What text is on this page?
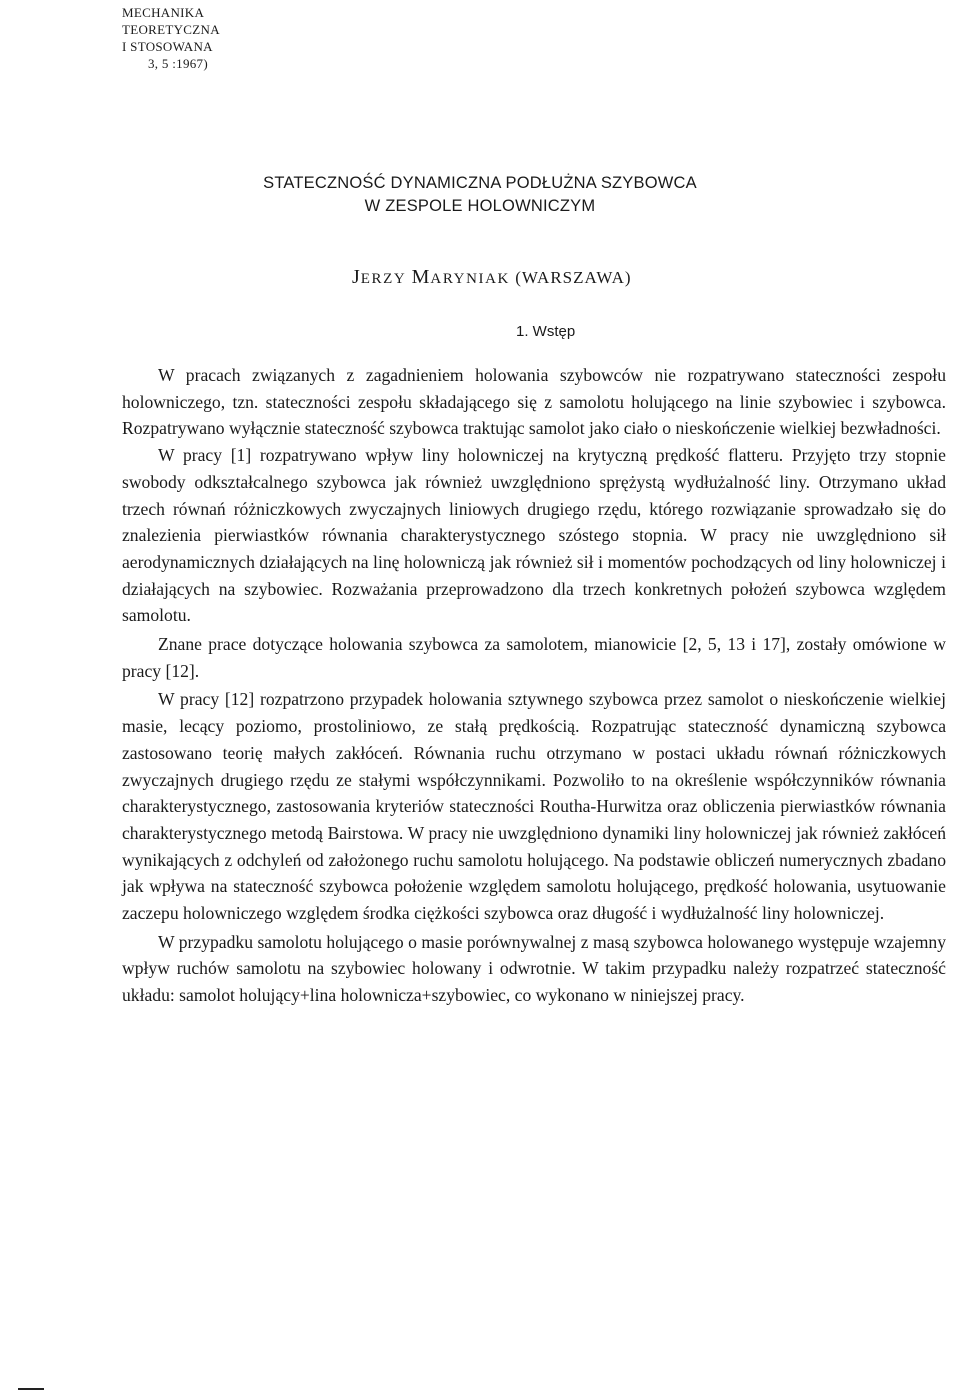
MECHANIKA
TEORETYCZNA
I STOSOWANA
3, 5 :1967)
STATECZNOŚĆ DYNAMICZNA PODŁUŻNA SZYBOWCA
W ZESPOLE HOLOWNICZYM
JERZY MARYNIAK (WARSZAWA)
1. Wstęp

W pracach związanych z zagadnieniem holowania szybowców nie rozpatrywano stateczności zespołu holowniczego, tzn. stateczności zespołu składającego się z samolotu holującego na linie szybowiec i szybowca. Rozpatrywano wyłącznie stateczność szybowca traktując samolot jako ciało o nieskończenie wielkiej bezwładności.

W pracy [1] rozpatrywano wpływ liny holowniczej na krytyczną prędkość flatteru. Przyjęto trzy stopnie swobody odkształcalnego szybowca jak również uwzględniono sprężystą wydłużalność liny. Otrzymano układ trzech równań różniczkowych zwyczajnych liniowych drugiego rzędu, którego rozwiązanie sprowadzało się do znalezienia pierwiastków równania charakterystycznego szóstego stopnia. W pracy nie uwzględniono sił aerodynamicznych działających na linę holowniczą jak również sił i momentów pochodzących od liny holowniczej i działających na szybowiec. Rozważania przeprowadzono dla trzech konkretnych położeń szybowca względem samolotu.

Znane prace dotyczące holowania szybowca za samolotem, mianowicie [2, 5, 13 i 17], zostały omówione w pracy [12].

W pracy [12] rozpatrzono przypadek holowania sztywnego szybowca przez samolot o nieskończenie wielkiej masie, lecący poziomo, prostoliniowo, ze stałą prędkością. Rozpatrując stateczność dynamiczną szybowca zastosowano teorię małych zakłóceń. Równania ruchu otrzymano w postaci układu równań różniczkowych zwyczajnych drugiego rzędu ze stałymi współczynnikami. Pozwoliło to na określenie współczynników równania charakterystycznego, zastosowania kryteriów stateczności Routha-Hurwitza oraz obliczenia pierwiastków równania charakterystycznego metodą Bairstowa. W pracy nie uwzględniono dynamiki liny holowniczej jak również zakłóceń wynikających z odchyleń od założonego ruchu samolotu holującego. Na podstawie obliczeń numerycznych zbadano jak wpływa na stateczność szybowca położenie względem samolotu holującego, prędkość holowania, usytuowanie zaczepu holowniczego względem środka ciężkości szybowca oraz długość i wydłużalność liny holowniczej.

W przypadku samolotu holującego o masie porównywalnej z masą szybowca holowanego występuje wzajemny wpływ ruchów samolotu na szybowiec holowany i odwrotnie. W takim przypadku należy rozpatrzeć stateczność układu: samolot holujący+lina holownicza+szybowiec, co wykonano w niniejszej pracy.
